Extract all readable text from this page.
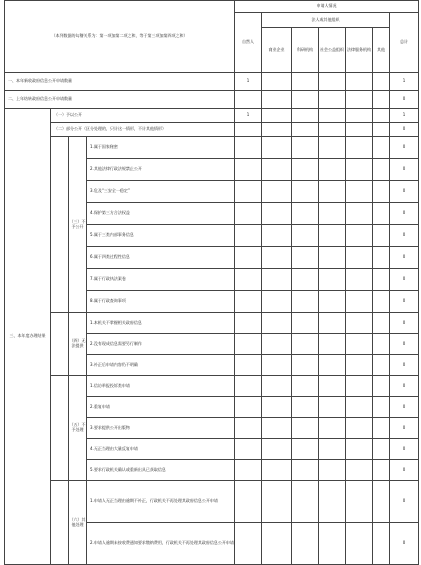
（本列数据的勾稽关系为：第一项加第二项之和，等于第三项加第四项之和）				申请人情况						
				自然人	法人或其他组织					总计
					商业企业	科研机构	社会公益组织	法律服务机构	其他	
一、本年新收政府信息公开申请数量				1						1
二、上年结转政府信息公开申请数量										0
三、本年度办理结果	（一）予以公开			1						1
	（二）部分公开（区分处理的，只计这一情形，不计其他情形）									0
		（三）不予公开	1.属于国家秘密							0
			2.其他法律行政法规禁止公开							0
			3.危及“三安全一稳定”							0
			4.保护第三方合法权益							0
			5.属于三类内部事务信息							0
			6.属于四类过程性信息							0
			7.属于行政执法案卷							0
			8.属于行政查询事项							0
		（四）无法提供	1.本机关不掌握相关政府信息							0
			2.没有现成信息需要另行制作							0
			3.补正后申请内容仍不明确							0
		（五）不予处理	1.信访举报投诉类申请							0
			2.重复申请							0
			3.要求提供公开出版物							0
			4.无正当理由大量反复申请							0
			5.要求行政机关确认或重新出具已获取信息							0
		（六）其他处理	1.申请人无正当理由逾期不补正，行政机关不再处理其政府信息公开申请							0
			2.申请人逾期未按收费通知要求缴纳费用，行政机关不再处理其政府信息公开申请							0
